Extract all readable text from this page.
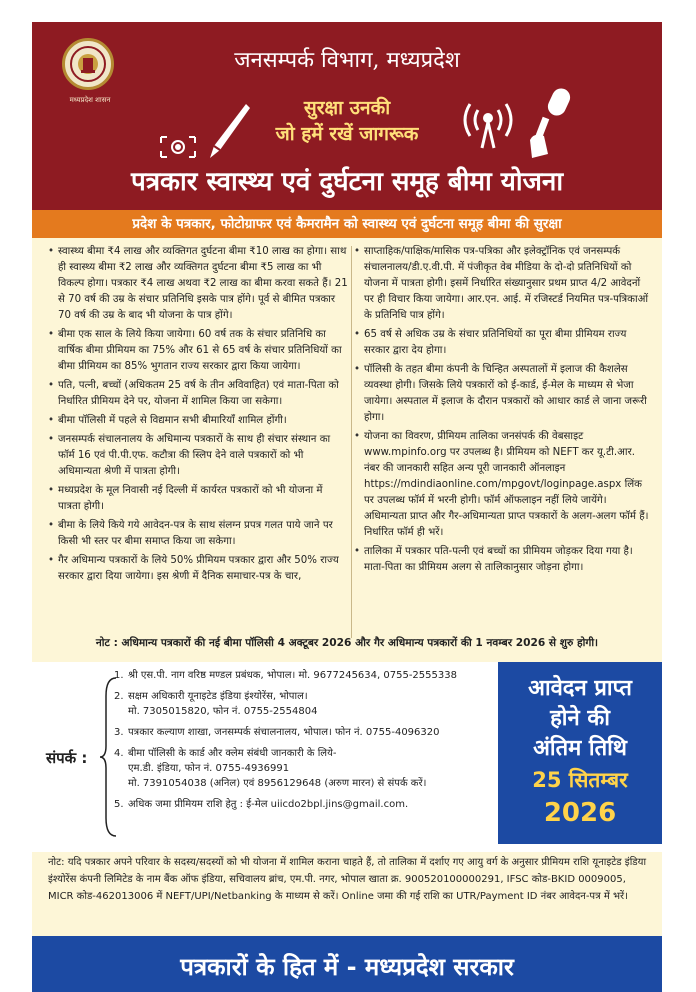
मध्यप्रदेश शासन
जनसम्पर्क विभाग, मध्यप्रदेश
सुरक्षा उनकी
जो हमें रखें जागरूक
पत्रकार स्वास्थ्य एवं दुर्घटना समूह बीमा योजना
प्रदेश के पत्रकार, फोटोग्राफर एवं कैमरामैन को स्वास्थ्य एवं दुर्घटना समूह बीमा की सुरक्षा
• स्वास्थ्य बीमा ₹4 लाख और व्यक्तिगत दुर्घटना बीमा ₹10 लाख का होगा। साथ ही स्वास्थ्य बीमा ₹2 लाख और व्यक्तिगत दुर्घटना बीमा ₹5 लाख का भी विकल्प होगा। पत्रकार ₹4 लाख अथवा ₹2 लाख का बीमा करवा सकते हैं। 21 से 70 वर्ष की उम्र के संचार प्रतिनिधि इसके पात्र होंगे। पूर्व से बीमित पत्रकार 70 वर्ष की उम्र के बाद भी योजना के पात्र होंगे।
• बीमा एक साल के लिये किया जायेगा। 60 वर्ष तक के संचार प्रतिनिधि का वार्षिक बीमा प्रीमियम का 75% और 61 से 65 वर्ष के संचार प्रतिनिधियों का बीमा प्रीमियम का 85% भुगतान राज्य सरकार द्वारा किया जायेगा।
• पति, पत्नी, बच्चों (अधिकतम 25 वर्ष के तीन अविवाहित) एवं माता-पिता को निर्धारित प्रीमियम देने पर, योजना में शामिल किया जा सकेगा।
• बीमा पॉलिसी में पहले से विद्यमान सभी बीमारियाँ शामिल होंगी।
• जनसम्पर्क संचालनालय के अधिमान्य पत्रकारों के साथ ही संचार संस्थान का फॉर्म 16 एवं पी.पी.एफ. कटौत्रा की स्लिप देने वाले पत्रकारों को भी अधिमान्यता श्रेणी में पात्रता होगी।
• मध्यप्रदेश के मूल निवासी नई दिल्ली में कार्यरत पत्रकारों को भी योजना में पात्रता होगी।
• बीमा के लिये किये गये आवेदन-पत्र के साथ संलग्न प्रपत्र गलत पाये जाने पर किसी भी स्तर पर बीमा समाप्त किया जा सकेगा।
• गैर अधिमान्य पत्रकारों के लिये 50% प्रीमियम पत्रकार द्वारा और 50% राज्य सरकार द्वारा दिया जायेगा। इस श्रेणी में दैनिक समाचार-पत्र के चार,
• साप्ताहिक/पाक्षिक/मासिक पत्र-पत्रिका और इलेक्ट्रॉनिक एवं जनसम्पर्क संचालनालय/डी.ए.वी.पी. में पंजीकृत वेब मीडिया के दो-दो प्रतिनिधियों को योजना में पात्रता होगी। इसमें निर्धारित संख्यानुसार प्रथम प्राप्त 4/2 आवेदनों पर ही विचार किया जायेगा। आर.एन. आई. में रजिस्टर्ड नियमित पत्र-पत्रिकाओं के प्रतिनिधि पात्र होंगे।
• 65 वर्ष से अधिक उम्र के संचार प्रतिनिधियों का पूरा बीमा प्रीमियम राज्य सरकार द्वारा देय होगा।
• पॉलिसी के तहत बीमा कंपनी के चिन्हित अस्पतालों में इलाज की कैशलेस व्यवस्था होगी। जिसके लिये पत्रकारों को ई-कार्ड, ई-मेल के माध्यम से भेजा जायेगा। अस्पताल में इलाज के दौरान पत्रकारों को आधार कार्ड ले जाना जरूरी होगा।
• योजना का विवरण, प्रीमियम तालिका जनसंपर्क की वेबसाइट www.mpinfo.org पर उपलब्ध है। प्रीमियम को NEFT कर यू.टी.आर. नंबर की जानकारी सहित अन्य पूरी जानकारी ऑनलाइन https://mdindiaonline.com/mpgovt/loginpage.aspx लिंक पर उपलब्ध फॉर्म में भरनी होगी। फॉर्म ऑफलाइन नहीं लिये जायेंगे। अधिमान्यता प्राप्त और गैर-अधिमान्यता प्राप्त पत्रकारों के अलग-अलग फॉर्म हैं। निर्धारित फॉर्म ही भरें।
• तालिका में पत्रकार पति-पत्नी एवं बच्चों का प्रीमियम जोड़कर दिया गया है। माता-पिता का प्रीमियम अलग से तालिकानुसार जोड़ना होगा।
नोट : अधिमान्य पत्रकारों की नई बीमा पॉलिसी 4 अक्टूबर 2026 और गैर अधिमान्य पत्रकारों की 1 नवम्बर 2026 से शुरु होगी।
संपर्क :
1. श्री एस.पी. नाग वरिष्ठ मण्डल प्रबंधक, भोपाल। मो. 9677245634, 0755-2555338
2. सक्षम अधिकारी यूनाइटेड इंडिया इंश्योरेंस, भोपाल।
मो. 7305015820, फोन नं. 0755-2554804
3. पत्रकार कल्याण शाखा, जनसम्पर्क संचालनालय, भोपाल। फोन नं. 0755-4096320
4. बीमा पॉलिसी के कार्ड और क्लेम संबंधी जानकारी के लिये-
एम.डी. इंडिया, फोन नं. 0755-4936991
मो. 7391054038 (अनिल) एवं 8956129648 (अरुण मारन) से संपर्क करें।
5. अधिक जमा प्रीमियम राशि हेतु : ई-मेल uiicdo2bpl.jins@gmail.com.
आवेदन प्राप्त
होने की
अंतिम तिथि
25 सितम्बर
2026
नोट: यदि पत्रकार अपने परिवार के सदस्य/सदस्यों को भी योजना में शामिल कराना चाहते हैं, तो तालिका में दर्शाए गए आयु वर्ग के अनुसार प्रीमियम राशि यूनाइटेड इंडिया इंश्योरेंस कंपनी लिमिटेड के नाम बैंक ऑफ इंडिया, सचिवालय ब्रांच, एम.पी. नगर, भोपाल खाता क्र. 900520100000291, IFSC कोड-BKID 0009005, MICR कोड-462013006 में NEFT/UPI/Netbanking के माध्यम से करें। Online जमा की गई राशि का UTR/Payment ID नंबर आवेदन-पत्र में भरें।
पत्रकारों के हित में - मध्यप्रदेश सरकार
